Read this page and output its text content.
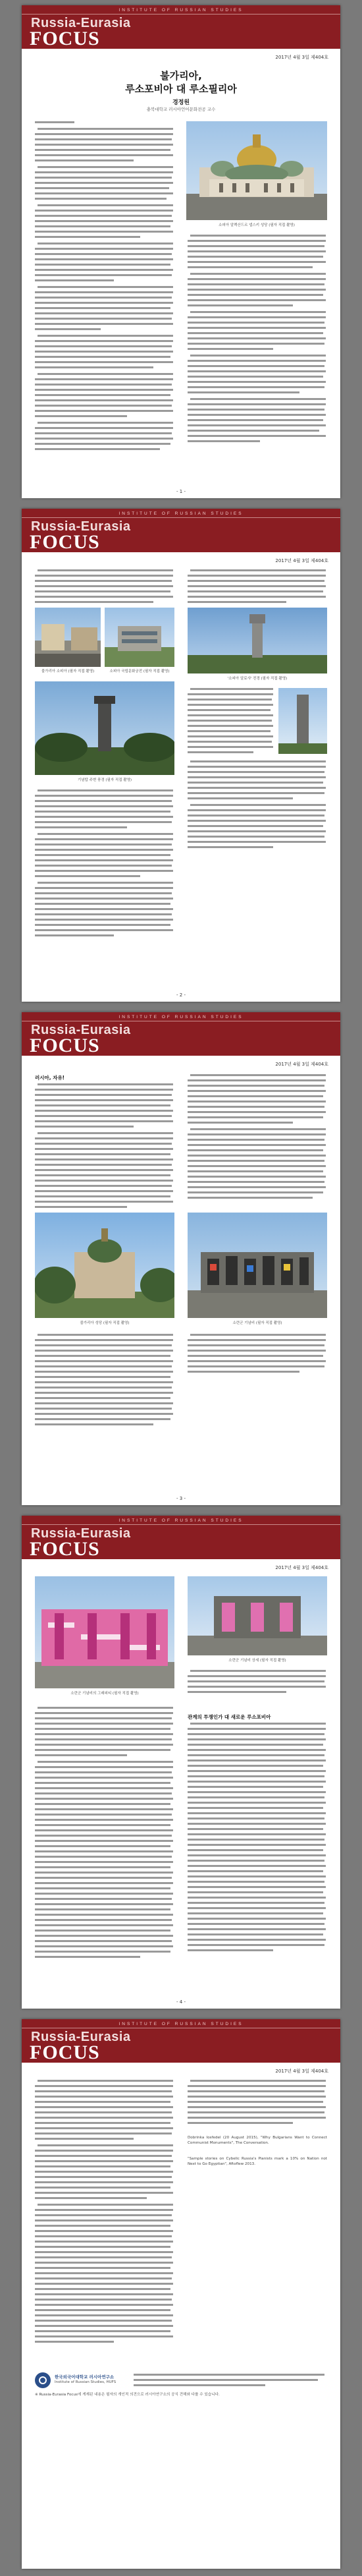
INSTITUTE OF RUSSIAN STUDIES
Russia-Eurasia
FOCUS
2017년 4월 3일 제404호
불가리아,
루소포비아 대 루소필리아
경정원
충북대학교 러시아언어문화전공 교수
소피아 알렉산드르 넵스키 성당 (필자 직접 촬영)
- 1 -
INSTITUTE OF RUSSIAN STUDIES
Russia-Eurasia
FOCUS
2017년 4월 3일 제404호
불가리아 소피아 (필자 직접 촬영)	소피아 국립문화궁전 (필자 직접 촬영)
기념탑 주변 풍경 (필자 직접 촬영)
'소피아 알료샤' 전경 (필자 직접 촬영)
- 2 -
INSTITUTE OF RUSSIAN STUDIES
Russia-Eurasia
FOCUS
2017년 4월 3일 제404호
러시아, 자유!
불가리아 성당 (필자 직접 촬영)	소련군 기념비 (필자 직접 촬영)
- 3 -
INSTITUTE OF RUSSIAN STUDIES
Russia-Eurasia
FOCUS
2017년 4월 3일 제404호
소련군 기념비의 그래피티 (필자 직접 촬영)
소련군 기념비 상세 (필자 직접 촬영)
관계의 투쟁인가 대 새로운 루소포비아
- 4 -
INSTITUTE OF RUSSIAN STUDIES
Russia-Eurasia
FOCUS
2017년 4월 3일 제404호
Dobrinka Iosfedel (20 August 2015), "Why Bulgarians Want to Connect Communist Monuments", The Conversation.
"Sample stories on Cybelic Russia's Pianists mark a 10% on Nation not Next to Go Egyptian", Aftoflew 2013.
한국외국어대학교 러시아연구소
Institute of Russian Studies, HUFS
※ Russia-Eurasia Focus에 게재된 내용은 필자의 개인적 의견으로 러시아연구소의 공식 견해와 다를 수 있습니다.
